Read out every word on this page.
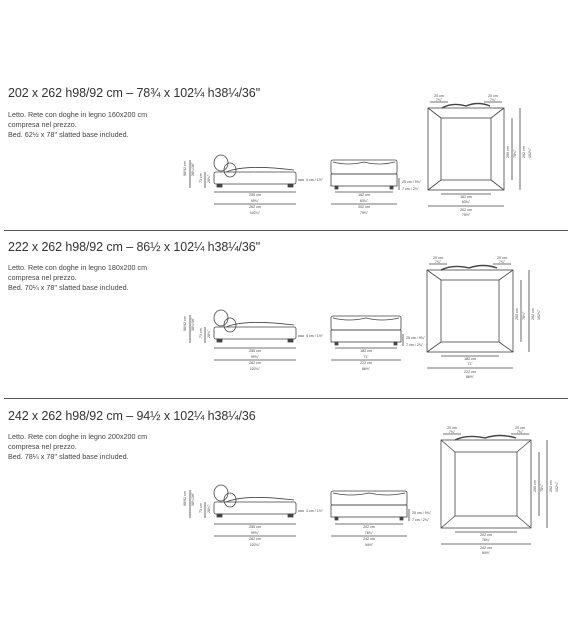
202 x 262 h98/92 cm – 78¾ x 102¼ h38¼/36''
Letto. Rete con doghe in legno 160x200 cm
compresa nel prezzo.
Bed. 62½ x 78'' slatted base included.
98/92 cm 38¼/36''
73 cm 28¾''
255 cm
99¾''
262 cm
102¼''
4 cm / 1½''
162 cm
63¾''
202 cm
79½''
25 cm / 9¾''
7 cm / 2¾''
20 cm
7¾''
20 cm
7¾''
200 cm 78¾'' 262 cm 102¼''
162 cm
63¾''
202 cm
79½''
222 x 262 h98/92 cm – 86½ x 102¼ h38¼/36''
Letto. Rete con doghe in legno 180x200 cm
compresa nel prezzo.
Bed. 70¼ x 78'' slatted base included.
98/92 cm 38¼/36''
73 cm 28¾''
255 cm
99¾''
262 cm
102¼''
4 cm / 1½''
182 cm
71''
222 cm
86½''
25 cm / 9¾''
7 cm / 2¾''
20 cm
7¾''
20 cm
7¾''
200 cm 78¾'' 262 cm 102¼''
182 cm
71''
222 cm
86½''
242 x 262 h98/92 cm – 94½ x 102¼ h38¼/36
Letto. Rete con doghe in legno 200x200 cm
compresa nel prezzo.
Bed. 78¼ x 78'' slatted base included.
98/92 cm 38¼/36''
73 cm 28¾''
255 cm
99¾''
262 cm
102¼''
4 cm / 1½''
202 cm
78¾''
242 cm
94½''
25 cm / 9¾''
7 cm / 2¾''
20 cm
7¾''
20 cm
7¾''
200 cm 78¾'' 262 cm 102¼''
202 cm
78¾''
242 cm
94½''
